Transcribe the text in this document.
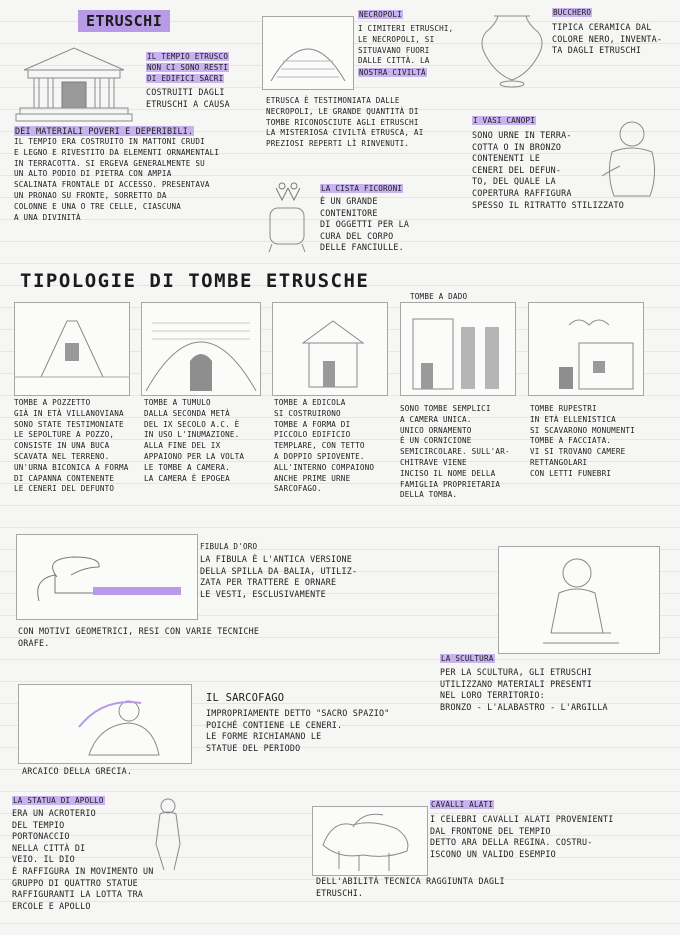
ETRUSCHI
IL TEMPIO ETRUSCO
NON CI SONO RESTI
DI EDIFICI SACRI
COSTRUITI DAGLI
ETRUSCHI A CAUSA
DEI MATERIALI POVERI E DEPERIBILI.
IL TEMPIO ERA COSTRUITO IN MATTONI CRUDI
E LEGNO E RIVESTITO DA ELEMENTI ORNAMENTALI
IN TERRACOTTA. SI ERGEVA GENERALMENTE SU
UN ALTO PODIO DI PIETRA CON AMPIA
SCALINATA FRONTALE DI ACCESSO. PRESENTAVA
UN PRONAO SU FRONTE, SORRETTO DA
COLONNE E UNA O TRE CELLE, CIASCUNA
A UNA DIVINITÀ
NECROPOLI
I CIMITERI ETRUSCHI,
LE NECROPOLI, SI
SITUAVANO FUORI
DALLE CITTÀ. LA
NOSTRA CIVILTÀ
ETRUSCA È TESTIMONIATA DALLE
NECROPOLI, LE GRANDE QUANTITÀ DI
TOMBE RICONOSCIUTE AGLI ETRUSCHI
LA MISTERIOSA CIVILTÀ ETRUSCA, AI
PREZIOSI REPERTI LÌ RINVENUTI.
LA CISTA FICORONI
È UN GRANDE
CONTENITORE
DI OGGETTI PER LA
CURA DEL CORPO
DELLE FANCIULLE.
BUCCHERO
TIPICA CERAMICA DAL
COLORE NERO, INVENTA-
TA DAGLI ETRUSCHI
I VASI CANOPI
SONO URNE IN TERRA-
COTTA O IN BRONZO
CONTENENTI LE
CENERI DEL DEFUN-
TO, DEL QUALE LA
COPERTURA RAFFIGURA
SPESSO IL RITRATTO STILIZZATO
TIPOLOGIE DI TOMBE ETRUSCHE
TOMBE A DADO
TOMBE A POZZETTO
GIÀ IN ETÀ VILLANOVIANA
SONO STATE TESTIMONIATE
LE SEPOLTURE A POZZO,
CONSISTE IN UNA BUCA
SCAVATA NEL TERRENO.
UN'URNA BICONICA A FORMA
DI CAPANNA CONTENENTE
LE CENERI DEL DEFUNTO
TOMBE A TUMULO
DALLA SECONDA METÀ
DEL IX SECOLO A.C. È
IN USO L'INUMAZIONE.
ALLA FINE DEL IX
APPAIONO PER LA VOLTA
LE TOMBE A CAMERA.
LA CAMERA È EPOGEA
TOMBE A EDICOLA
SI COSTRUIRONO
TOMBE A FORMA DI
PICCOLO EDIFICIO
TEMPLARE, CON TETTO
A DOPPIO SPIOVENTE.
ALL'INTERNO COMPAIONO
ANCHE PRIME URNE
SARCOFAGO.
SONO TOMBE SEMPLICI
A CAMERA UNICA.
UNICO ORNAMENTO
È UN CORNICIONE
SEMICIRCOLARE. SULL'AR-
CHITRAVE VIENE
INCISO IL NOME DELLA
FAMIGLIA PROPRIETARIA
DELLA TOMBA.
TOMBE RUPESTRI
IN ETÀ ELLENISTICA
SI SCAVARONO MONUMENTI
TOMBE A FACCIATA.
VI SI TROVANO CAMERE
RETTANGOLARI
CON LETTI FUNEBRI
FIBULA D'ORO
LA FIBULA È L'ANTICA VERSIONE
DELLA SPILLA DA BALIA, UTILIZ-
ZATA PER TRATTERE E ORNARE
LE VESTI, ESCLUSIVAMENTE
CON MOTIVI GEOMETRICI, RESI CON VARIE TECNICHE
ORAFE.
LA SCULTURA
PER LA SCULTURA, GLI ETRUSCHI
UTILIZZANO MATERIALI PRESENTI
NEL LORO TERRITORIO:
BRONZO - L'ALABASTRO - L'ARGILLA
IL SARCOFAGO
IMPROPRIAMENTE DETTO "SACRO SPAZIO"
POICHÉ CONTIENE LE CENERI.
LE FORME RICHIAMANO LE
STATUE DEL PERIODO
ARCAICO DELLA GRECIA.
LA STATUA DI APOLLO
ERA UN ACROTERIO
DEL TEMPIO
PORTONACCIO
NELLA CITTÀ DI
VEIO. IL DIO
È RAFFIGURA IN MOVIMENTO UN
GRUPPO DI QUATTRO STATUE
RAFFIGURANTI LA LOTTA TRA
ERCOLE E APOLLO
CAVALLI ALATI
I CELEBRI CAVALLI ALATI PROVENIENTI
DAL FRONTONE DEL TEMPIO
DETTO ARA DELLA REGINA. COSTRU-
ISCONO UN VALIDO ESEMPIO
DELL'ABILITÀ TECNICA RAGGIUNTA DAGLI
ETRUSCHI.
